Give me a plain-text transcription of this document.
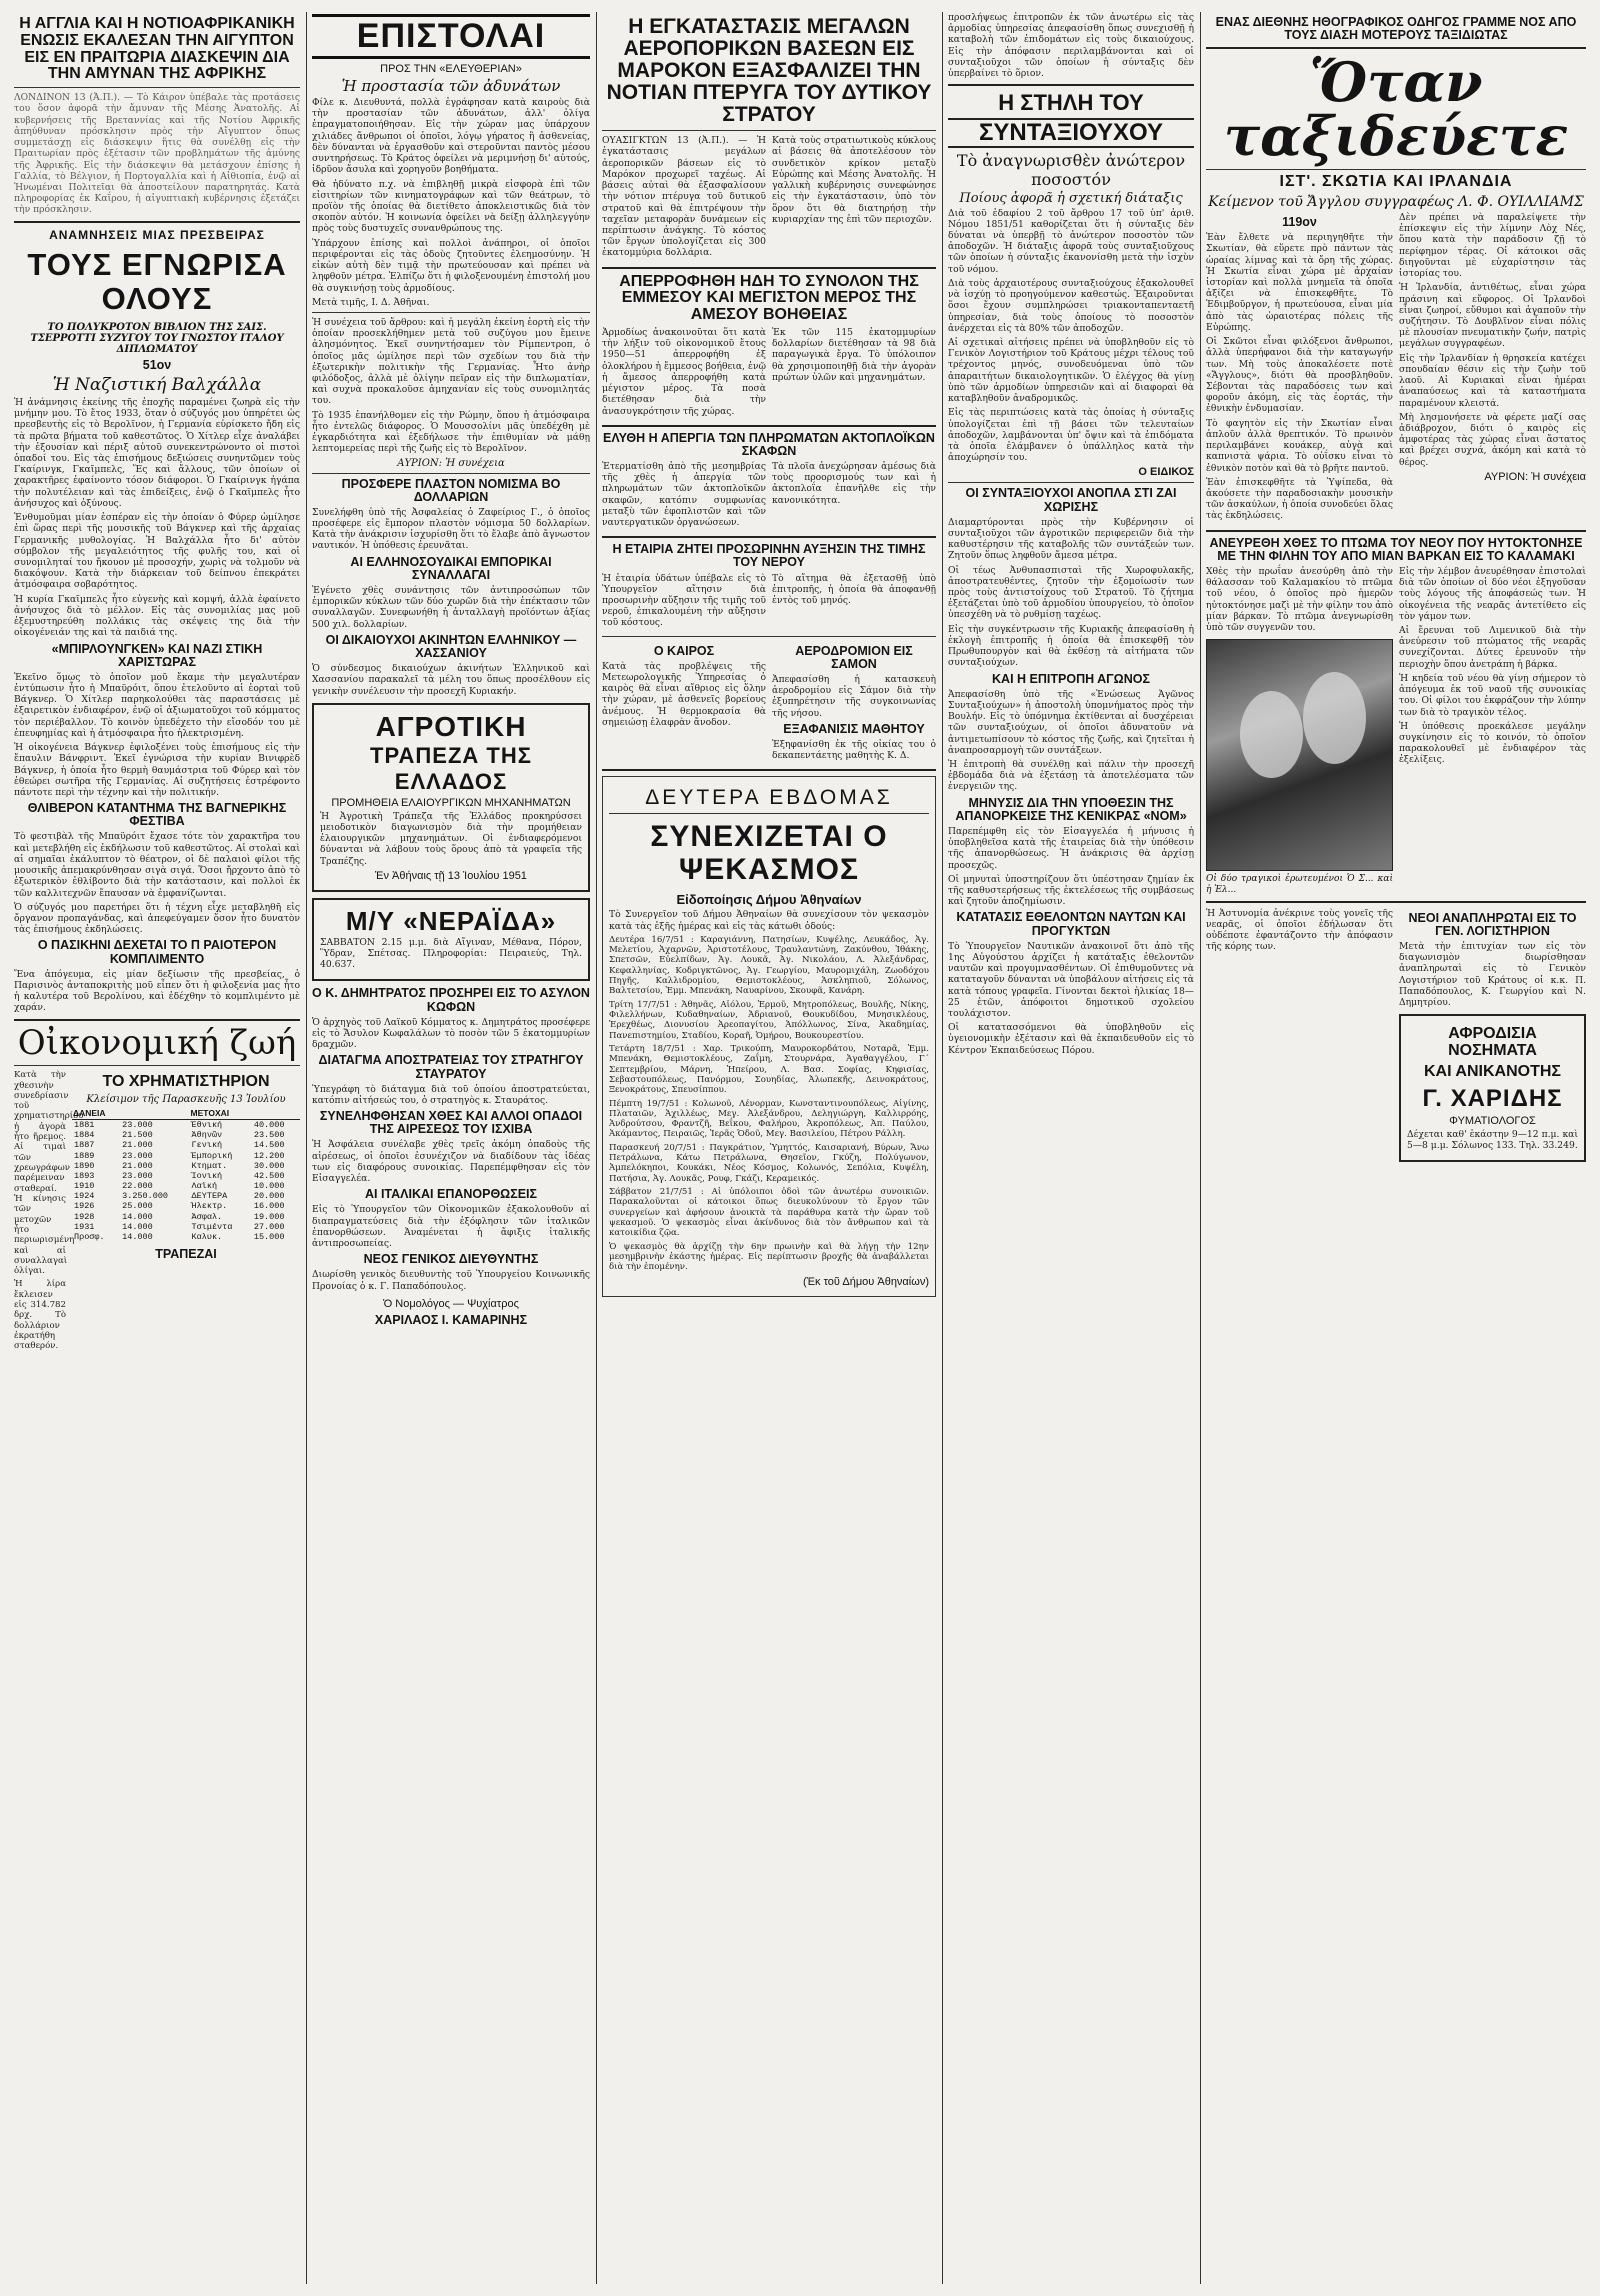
Η ΑΓΓΛΙΑ ΚΑΙ Η ΝΟΤΙΟΑΦΡΙΚΑΝΙΚΗ ΕΝΩΣΙΣ ΕΚΑΛΕΣΑΝ ΤΗΝ ΑΙΓΥΠΤΟΝ ΕΙΣ ΕΝ ΠΡΑΙΤΩΡΙΑ ΔΙΑΣΚΕΨΙΝ ΔΙΑ ΤΗΝ ΑΜΥΝΑΝ ΤΗΣ ΑΦΡΙΚΗΣ

ΛΟΝΔΙΝΟΝ 13 (Ἀ.Π.). — Τὸ Κάιρον ὑπέβαλε τὰς προτάσεις του ὅσον ἀφορᾶ τὴν ἄμυναν τῆς Μέσης Ἀνατολῆς. Αἱ κυβερνήσεις τῆς Βρεταννίας καὶ τῆς Νοτίου Ἀφρικῆς ἀπηύθυναν πρόσκλησιν πρὸς τὴν Αἴγυπτον ὅπως συμμετάσχῃ εἰς διάσκεψιν ἥτις θὰ συνέλθῃ εἰς τὴν Πραιτωρίαν πρὸς ἐξέτασιν τῶν προβλημάτων τῆς ἀμύνης τῆς Ἀφρικῆς. Εἰς τὴν διάσκεψιν θὰ μετάσχουν ἐπίσης ἡ Γαλλία, τὸ Βέλγιον, ἡ Πορτογαλλία καὶ ἡ Αἰθιοπία, ἐνῷ αἱ Ἡνωμέναι Πολιτεῖαι θὰ ἀποστείλουν παρατηρητάς. Κατὰ πληροφορίας ἐκ Καΐρου, ἡ αἰγυπτιακὴ κυβέρνησις ἐξετάζει τὴν πρόσκλησιν.

ΑΝΑΜΝΗΣΕΙΣ ΜΙΑΣ ΠΡΕΣΒΕΙΡΑΣ
ΤΟΥΣ ΕΓΝΩΡΙΣΑ ΟΛΟΥΣ
ΤΟ ΠΟΛΥΚΡΟΤΟΝ ΒΙΒΛΙΟΝ ΤΗΣ ΣΑΙΣ. ΤΣΕΡΡΟΤΤΙ ΣΥΖΥΓΟΥ ΤΟΥ ΓΝΩΣΤΟΥ ΙΤΑΛΟΥ ΔΙΠΛΩΜΑΤΟΥ
51ον
Ἡ Ναζιστική Βαλχάλλα

Ἡ ἀνάμνησις ἐκείνης τῆς ἐποχῆς παραμένει ζωηρὰ εἰς τὴν μνήμην μου. Τὸ ἔτος 1933, ὅταν ὁ σύζυγός μου ὑπηρέτει ὡς πρεσβευτὴς εἰς τὸ Βερολῖνον, ἡ Γερμανία εὑρίσκετο ἤδη εἰς τὰ πρῶτα βήματα τοῦ καθεστῶτος. Ὁ Χίτλερ εἶχε ἀναλάβει τὴν ἐξουσίαν καὶ πέριξ αὐτοῦ συνεκεντρώνοντο οἱ πιστοὶ ὀπαδοί του. Εἰς τὰς ἐπισήμους δεξιώσεις συνηντῶμεν τοὺς Γκαίρινγκ, Γκαῖμπελς, Ἕς καὶ ἄλλους, τῶν ὁποίων οἱ χαρακτῆρες ἐφαίνοντο τόσον διάφοροι. Ὁ Γκαίρινγκ ἠγάπα τὴν πολυτέλειαν καὶ τὰς ἐπιδείξεις, ἐνῷ ὁ Γκαῖμπελς ἦτο ἀνήσυχος καὶ ὀξύνους.

Ἐνθυμοῦμαι μίαν ἑσπέραν εἰς τὴν ὁποίαν ὁ Φύρερ ὡμίλησε ἐπὶ ὥρας περὶ τῆς μουσικῆς τοῦ Βάγκνερ καὶ τῆς ἀρχαίας Γερμανικῆς μυθολογίας. Ἡ Βαλχάλλα ἦτο δι' αὐτὸν σύμβολον τῆς μεγαλειότητος τῆς φυλῆς του, καὶ οἱ συνομιληταί του ἤκουον μὲ προσοχήν, χωρὶς νὰ τολμοῦν νὰ διακόψουν. Κατὰ τὴν διάρκειαν τοῦ δείπνου ἐπεκράτει ἀτμόσφαιρα σοβαρότητος.

Ἡ κυρία Γκαῖμπελς ἦτο εὐγενὴς καὶ κομψή, ἀλλὰ ἐφαίνετο ἀνήσυχος διὰ τὸ μέλλον. Εἰς τὰς συνομιλίας μας μοῦ ἐξεμυστηρεύθη πολλάκις τὰς σκέψεις της διὰ τὴν οἰκογένειάν της καὶ τὰ παιδιά της.

«ΜΠΙΡΛΟΥΝΓΚΕΝ» ΚΑΙ ΝΑΖΙ ΣΤΙΚΗ ΧΑΡΙΣΤΩΡΑΣ

Ἐκεῖνο ὅμως τὸ ὁποῖον μοῦ ἔκαμε τὴν μεγαλυτέραν ἐντύπωσιν ἦτο ἡ Μπαϋρόιτ, ὅπου ἐτελοῦντο αἱ ἑορταὶ τοῦ Βάγκνερ. Ὁ Χίτλερ παρηκολούθει τὰς παραστάσεις μὲ ἐξαιρετικὸν ἐνδιαφέρον, ἐνῷ οἱ ἀξιωματοῦχοι τοῦ κόμματος τὸν περιέβαλλον. Τὸ κοινὸν ὑπεδέχετο τὴν εἴσοδόν του μὲ ἐπευφημίας καὶ ἡ ἀτμόσφαιρα ἦτο ἠλεκτρισμένη.

Ἡ οἰκογένεια Βάγκνερ ἐφιλοξένει τοὺς ἐπισήμους εἰς τὴν ἔπαυλιν Βάνφριντ. Ἐκεῖ ἐγνώρισα τὴν κυρίαν Βινιφρὲδ Βάγκνερ, ἡ ὁποία ἦτο θερμὴ θαυμάστρια τοῦ Φύρερ καὶ τὸν ἐθεώρει σωτῆρα τῆς Γερμανίας. Αἱ συζητήσεις ἐστρέφοντο πάντοτε περὶ τὴν τέχνην καὶ τὴν πολιτικήν.

ΘΛΙΒΕΡΟΝ ΚΑΤΑΝΤΗΜΑ ΤΗΣ ΒΑΓΝΕΡΙΚΗΣ ΦΕΣΤΙΒΑ

Τὸ φεστιβὰλ τῆς Μπαϋρόιτ ἔχασε τότε τὸν χαρακτῆρα του καὶ μετεβλήθη εἰς ἐκδήλωσιν τοῦ καθεστῶτος. Αἱ στολαὶ καὶ αἱ σημαῖαι ἐκάλυπτον τὸ θέατρον, οἱ δὲ παλαιοὶ φίλοι τῆς μουσικῆς ἀπεμακρύνθησαν σιγὰ σιγά. Ὅσοι ἤρχοντο ἀπὸ τὸ ἐξωτερικὸν ἐθλίβοντο διὰ τὴν κατάστασιν, καὶ πολλοὶ ἐκ τῶν καλλιτεχνῶν ἔπαυσαν νὰ ἐμφανίζωνται.

Ὁ σύζυγός μου παρετήρει ὅτι ἡ τέχνη εἶχε μεταβληθῆ εἰς ὄργανον προπαγάνδας, καὶ ἀπεφεύγαμεν ὅσον ἦτο δυνατὸν τὰς ἐπισήμους ἐκδηλώσεις.

Ο ΠΑΣΙΚΗΝΙ ΔΕΧΕΤΑΙ ΤΟ Π ΡΑΙΟΤΕΡΟΝ ΚΟΜΠΛΙΜΕΝΤΟ

Ἔνα ἀπόγευμα, εἰς μίαν δεξίωσιν τῆς πρεσβείας, ὁ Παρισινὸς ἀνταποκριτὴς μοῦ εἶπεν ὅτι ἡ φιλοξενία μας ἦτο ἡ καλυτέρα τοῦ Βερολίνου, καὶ ἐδέχθην τὸ κομπλιμέντο μὲ χαράν.

Οἰκονομική ζωή

Κατὰ τὴν χθεσινὴν συνεδρίασιν τοῦ χρηματιστηρίου ἡ ἀγορὰ ἦτο ἤρεμος. Αἱ τιμαὶ τῶν χρεωγράφων παρέμειναν σταθεραί. Ἡ κίνησις τῶν μετοχῶν ἦτο περιωρισμένη καὶ αἱ συναλλαγαὶ ὀλίγαι.

Ἡ λίρα ἔκλεισεν εἰς 314.782 δρχ. Τὸ δολλάριον ἐκρατήθη σταθερόν.

ΤΟ ΧΡΗΜΑΤΙΣΤΗΡΙΟΝ
Κλείσιμον τῆς Παρασκευῆς 13 Ἰουλίου
ΔΑΝΕΙΑ		ΜΕΤΟΧΑΙ	
1881	23.000	Ἐθνική	40.000
1884	21.500	Ἀθηνῶν	23.500
1887	21.000	Γενική	14.500
1889	23.000	Ἐμπορική	12.200
1890	21.000	Κτηματ.	30.000
1893	23.000	Ἰονική	42.500
1910	22.000	Λαϊκή	10.000
1924	3.250.000	ΔΕΥΤΕΡΑ	20.000
1926	25.000	Ἠλεκτρ.	16.000
1928	14.000	Ἀσφαλ.	19.000
1931	14.000	Τσιμέντα	27.000
Προσφ.	14.000	Καλυκ.	15.000
ΤΡΑΠΕΖΑΙ
ΕΠΙΣΤΟΛΑΙ
ΠΡΟΣ ΤΗΝ «ΕΛΕΥΘΕΡΙΑΝ»
Ἡ προστασία τῶν ἀδυνάτων

Φίλε κ. Διευθυντά, πολλὰ ἐγράφησαν κατὰ καιροὺς διὰ τὴν προστασίαν τῶν ἀδυνάτων, ἀλλ' ὀλίγα ἐπραγματοποιήθησαν. Εἰς τὴν χώραν μας ὑπάρχουν χιλιάδες ἄνθρωποι οἱ ὁποῖοι, λόγῳ γήρατος ἢ ἀσθενείας, δὲν δύνανται νὰ ἐργασθοῦν καὶ στεροῦνται παντὸς μέσου συντηρήσεως. Τὸ Κράτος ὀφείλει νὰ μεριμνήσῃ δι' αὐτούς, ἱδρῦον ἄσυλα καὶ χορηγοῦν βοηθήματα.

Θὰ ἠδύνατο π.χ. νὰ ἐπιβληθῇ μικρὰ εἰσφορὰ ἐπὶ τῶν εἰσιτηρίων τῶν κινηματογράφων καὶ τῶν θεάτρων, τὸ προϊὸν τῆς ὁποίας θὰ διετίθετο ἀποκλειστικῶς διὰ τὸν σκοπὸν αὐτόν. Ἡ κοινωνία ὀφείλει νὰ δείξῃ ἀλληλεγγύην πρὸς τοὺς δυστυχεῖς συνανθρώπους της.

Ὑπάρχουν ἐπίσης καὶ πολλοὶ ἀνάπηροι, οἱ ὁποῖοι περιφέρονται εἰς τὰς ὁδοὺς ζητοῦντες ἐλεημοσύνην. Ἡ εἰκὼν αὐτὴ δὲν τιμᾷ τὴν πρωτεύουσαν καὶ πρέπει νὰ ληφθοῦν μέτρα. Ἐλπίζω ὅτι ἡ φιλοξενουμένη ἐπιστολή μου θὰ συγκινήσῃ τοὺς ἁρμοδίους.

Μετὰ τιμῆς, Ι. Δ. Ἀθῆναι.

Ἡ συνέχεια τοῦ ἄρθρου: καὶ ἡ μεγάλη ἐκείνη ἑορτὴ εἰς τὴν ὁποίαν προσεκλήθημεν μετὰ τοῦ συζύγου μου ἔμεινε ἀλησμόνητος. Ἐκεῖ συνηντήσαμεν τὸν Ρίμπεντροπ, ὁ ὁποῖος μᾶς ὡμίλησε περὶ τῶν σχεδίων του διὰ τὴν ἐξωτερικὴν πολιτικὴν τῆς Γερμανίας. Ἦτο ἀνὴρ φιλόδοξος, ἀλλὰ μὲ ὀλίγην πεῖραν εἰς τὴν διπλωματίαν, καὶ συχνὰ προκαλοῦσε ἀμηχανίαν εἰς τοὺς συνομιλητάς του.

Τὸ 1935 ἐπανήλθομεν εἰς τὴν Ρώμην, ὅπου ἡ ἀτμόσφαιρα ἦτο ἐντελῶς διάφορος. Ὁ Μουσσολίνι μᾶς ὑπεδέχθη μὲ ἐγκαρδιότητα καὶ ἐξεδήλωσε τὴν ἐπιθυμίαν νὰ μάθῃ λεπτομερείας περὶ τῆς ζωῆς εἰς τὸ Βερολῖνον.

ΑΥΡΙΟΝ: Ἡ συνέχεια
ΠΡΟΣΦΕΡΕ ΠΛΑΣΤΟΝ ΝΟΜΙΣΜΑ ΒΟ ΔΟΛΛΑΡΙΩΝ

Συνελήφθη ὑπὸ τῆς Ἀσφαλείας ὁ Ζαφείριος Γ., ὁ ὁποῖος προσέφερε εἰς ἔμπορον πλαστὸν νόμισμα 50 δολλαρίων. Κατὰ τὴν ἀνάκρισιν ἰσχυρίσθη ὅτι τὸ ἔλαβε ἀπὸ ἄγνωστον ναυτικόν. Ἡ ὑπόθεσις ἐρευνᾶται.

ΑΙ ΕΛΛΗΝΟΣΟΥΔΙΚΑΙ ΕΜΠΟΡΙΚΑΙ ΣΥΝΑΛΛΑΓΑΙ

Ἐγένετο χθὲς συνάντησις τῶν ἀντιπροσώπων τῶν ἐμπορικῶν κύκλων τῶν δύο χωρῶν διὰ τὴν ἐπέκτασιν τῶν συναλλαγῶν. Συνεφωνήθη ἡ ἀνταλλαγὴ προϊόντων ἀξίας 500 χιλ. δολλαρίων.

ΟΙ ΔΙΚΑΙΟΥΧΟΙ ΑΚΙΝΗΤΩΝ ΕΛΛΗΝΙΚΟΥ — ΧΑΣΣΑΝΙΟΥ

Ὁ σύνδεσμος δικαιούχων ἀκινήτων Ἑλληνικοῦ καὶ Χασσανίου παρακαλεῖ τὰ μέλη του ὅπως προσέλθουν εἰς γενικὴν συνέλευσιν τὴν προσεχῆ Κυριακήν.

ΑΓΡΟΤΙΚΗ
ΤΡΑΠΕΖΑ ΤΗΣ ΕΛΛΑΔΟΣ
ΠΡΟΜΗΘΕΙΑ ΕΛΑΙΟΥΡΓΙΚΩΝ ΜΗΧΑΝΗΜΑΤΩΝ

Ἡ Ἀγροτικὴ Τράπεζα τῆς Ἑλλάδος προκηρύσσει μειοδοτικὸν διαγωνισμὸν διὰ τὴν προμήθειαν ἐλαιουργικῶν μηχανημάτων. Οἱ ἐνδιαφερόμενοι δύνανται νὰ λάβουν τοὺς ὅρους ἀπὸ τὰ γραφεῖα τῆς Τραπέζης.

Ἐν Ἀθήναις τῇ 13 Ἰουλίου 1951
Μ/Υ «ΝΕΡΑΪΔΑ»

ΣΑΒΒΑΤΟΝ 2.15 μ.μ. διὰ Αἴγιναν, Μέθανα, Πόρον, Ὕδραν, Σπέτσας. Πληροφορίαι: Πειραιεύς, Τηλ. 40.637.

Ο Κ. ΔΗΜΗΤΡΑΤΟΣ ΠΡΟΣΗΡΕΙ ΕΙΣ ΤΟ ΑΣΥΛΟΝ ΚΩΦΩΝ

Ὁ ἀρχηγὸς τοῦ Λαϊκοῦ Κόμματος κ. Δημητράτος προσέφερε εἰς τὸ Ἄσυλον Κωφαλάλων τὸ ποσὸν τῶν 5 ἑκατομμυρίων δραχμῶν.

ΔΙΑΤΑΓΜΑ ΑΠΟΣΤΡΑΤΕΙΑΣ ΤΟΥ ΣΤΡΑΤΗΓΟΥ ΣΤΑΥΡΑΤΟΥ

Ὑπεγράφη τὸ διάταγμα διὰ τοῦ ὁποίου ἀποστρατεύεται, κατόπιν αἰτήσεώς του, ὁ στρατηγὸς κ. Σταυράτος.

ΣΥΝΕΛΗΦΘΗΣΑΝ ΧΘΕΣ ΚΑΙ ΑΛΛΟΙ ΟΠΑΔΟΙ ΤΗΣ ΑΙΡΕΣΕΩΣ ΤΟΥ ΙΣΧΙΒΑ

Ἡ Ἀσφάλεια συνέλαβε χθὲς τρεῖς ἀκόμη ὀπαδοὺς τῆς αἱρέσεως, οἱ ὁποῖοι ἐσυνέχιζον νὰ διαδίδουν τὰς ἰδέας των εἰς διαφόρους συνοικίας. Παρεπέμφθησαν εἰς τὸν Εἰσαγγελέα.

ΑΙ ΙΤΑΛΙΚΑΙ ΕΠΑΝΟΡΘΩΣΕΙΣ

Εἰς τὸ Ὑπουργεῖον τῶν Οἰκονομικῶν ἐξακολουθοῦν αἱ διαπραγματεύσεις διὰ τὴν ἐξόφλησιν τῶν ἰταλικῶν ἐπανορθώσεων. Ἀναμένεται ἡ ἄφιξις ἰταλικῆς ἀντιπροσωπείας.

ΝΕΟΣ ΓΕΝΙΚΟΣ ΔΙΕΥΘΥΝΤΗΣ

Διωρίσθη γενικὸς διευθυντὴς τοῦ Ὑπουργείου Κοινωνικῆς Προνοίας ὁ κ. Γ. Παπαδόπουλος.

Ὁ Νομολόγος — Ψυχίατρος
ΧΑΡΙΛΑΟΣ Ι. ΚΑΜΑΡΙΝΗΣ
Η ΕΓΚΑΤΑΣΤΑΣΙΣ ΜΕΓΑΛΩΝ ΑΕΡΟΠΟΡΙΚΩΝ ΒΑΣΕΩΝ ΕΙΣ ΜΑΡΟΚΟΝ ΕΞΑΣΦΑΛΙΖΕΙ ΤΗΝ ΝΟΤΙΑΝ ΠΤΕΡΥΓΑ ΤΟΥ ΔΥΤΙΚΟΥ ΣΤΡΑΤΟΥ

ΟΥΑΣΙΓΚΤΩΝ 13 (Ἀ.Π.). — Ἡ ἐγκατάστασις μεγάλων ἀεροπορικῶν βάσεων εἰς τὸ Μαρόκον προχωρεῖ ταχέως. Αἱ βάσεις αὐταὶ θὰ ἐξασφαλίσουν τὴν νότιον πτέρυγα τοῦ δυτικοῦ στρατοῦ καὶ θὰ ἐπιτρέψουν τὴν ταχεῖαν μεταφορὰν δυνάμεων εἰς περίπτωσιν ἀνάγκης. Τὸ κόστος τῶν ἔργων ὑπολογίζεται εἰς 300 ἑκατομμύρια δολλάρια.

Κατὰ τοὺς στρατιωτικοὺς κύκλους αἱ βάσεις θὰ ἀποτελέσουν τὸν συνδετικὸν κρίκον μεταξὺ Εὐρώπης καὶ Μέσης Ἀνατολῆς. Ἡ γαλλικὴ κυβέρνησις συνεφώνησε εἰς τὴν ἐγκατάστασιν, ὑπὸ τὸν ὅρον ὅτι θὰ διατηρήσῃ τὴν κυριαρχίαν της ἐπὶ τῶν περιοχῶν.

ΑΠΕΡΡΟΦΗΘΗ ΗΔΗ ΤΟ ΣΥΝΟΛΟΝ ΤΗΣ ΕΜΜΕΣΟΥ ΚΑΙ ΜΕΓΙΣΤΟΝ ΜΕΡΟΣ ΤΗΣ ΑΜΕΣΟΥ ΒΟΗΘΕΙΑΣ

Ἀρμοδίως ἀνακοινοῦται ὅτι κατὰ τὴν λήξιν τοῦ οἰκονομικοῦ ἔτους 1950—51 ἀπερροφήθη ἐξ ὁλοκλήρου ἡ ἔμμεσος βοήθεια, ἐνῷ ἡ ἄμεσος ἀπερροφήθη κατὰ μέγιστον μέρος. Τὰ ποσὰ διετέθησαν διὰ τὴν ἀνασυγκρότησιν τῆς χώρας.

Ἐκ τῶν 115 ἑκατομμυρίων δολλαρίων διετέθησαν τὰ 98 διὰ παραγωγικὰ ἔργα. Τὸ ὑπόλοιπον θὰ χρησιμοποιηθῇ διὰ τὴν ἀγορὰν πρώτων ὑλῶν καὶ μηχανημάτων.

ΕΛΥΘΗ Η ΑΠΕΡΓΙΑ ΤΩΝ ΠΛΗΡΩΜΑΤΩΝ ΑΚΤΟΠΛΟΪΚΩΝ ΣΚΑΦΩΝ

Ἐτερματίσθη ἀπὸ τῆς μεσημβρίας τῆς χθὲς ἡ ἀπεργία τῶν πληρωμάτων τῶν ἀκτοπλοϊκῶν σκαφῶν, κατόπιν συμφωνίας μεταξὺ τῶν ἐφοπλιστῶν καὶ τῶν ναυτεργατικῶν ὀργανώσεων.

Τὰ πλοῖα ἀνεχώρησαν ἀμέσως διὰ τοὺς προορισμούς των καὶ ἡ ἀκτοπλοΐα ἐπανῆλθε εἰς τὴν κανονικότητα.

Η ΕΤΑΙΡΙΑ ΖΗΤΕΙ ΠΡΟΣΩΡΙΝΗΝ ΑΥΞΗΣΙΝ ΤΗΣ ΤΙΜΗΣ ΤΟΥ ΝΕΡΟΥ

Ἡ ἑταιρία ὑδάτων ὑπέβαλε εἰς τὸ Ὑπουργεῖον αἴτησιν διὰ προσωρινὴν αὔξησιν τῆς τιμῆς τοῦ νεροῦ, ἐπικαλουμένη τὴν αὔξησιν τοῦ κόστους.

Τὸ αἴτημα θὰ ἐξετασθῇ ὑπὸ ἐπιτροπῆς, ἡ ὁποία θὰ ἀποφανθῇ ἐντὸς τοῦ μηνός.

Ο ΚΑΙΡΟΣ

Κατὰ τὰς προβλέψεις τῆς Μετεωρολογικῆς Ὑπηρεσίας ὁ καιρὸς θὰ εἶναι αἴθριος εἰς ὅλην τὴν χώραν, μὲ ἀσθενεῖς βορείους ἀνέμους. Ἡ θερμοκρασία θὰ σημειώσῃ ἐλαφρὰν ἄνοδον.

ΑΕΡΟΔΡΟΜΙΟΝ ΕΙΣ ΣΑΜΟΝ

Ἀπεφασίσθη ἡ κατασκευὴ ἀεροδρομίου εἰς Σάμον διὰ τὴν ἐξυπηρέτησιν τῆς συγκοινωνίας τῆς νήσου.

ΕΞΑΦΑΝΙΣΙΣ ΜΑΘΗΤΟΥ

Ἐξηφανίσθη ἐκ τῆς οἰκίας του ὁ δεκαπεντάετης μαθητὴς Κ. Δ.

ΔΕΥΤΕΡΑ ΕΒΔΟΜΑΣ
ΣΥΝΕΧΙΖΕΤΑΙ Ο ΨΕΚΑΣΜΟΣ
Εἰδοποίησις Δήμου Ἀθηναίων

Τὸ Συνεργεῖον τοῦ Δήμου Ἀθηναίων θὰ συνεχίσουν τὸν ψεκασμὸν κατὰ τὰς ἑξῆς ἡμέρας καὶ εἰς τὰς κάτωθι ὁδούς:

Δευτέρα 16/7/51 : Καραγιάννη, Πατησίων, Κυψέλης, Λευκάδος, Ἀγ. Μελετίου, Ἀχαρνῶν, Ἀριστοτέλους, Τραυλαντώνη, Ζακύνθου, Ἰθάκης, Σπετσῶν, Εὐελπίδων, Ἀγ. Λουκᾶ, Ἀγ. Νικολάου, Λ. Ἀλεξάνδρας, Κεφαλληνίας, Κοδριγκτῶνος, Ἀγ. Γεωργίου, Μαυρομιχάλη, Ζωοδόχου Πηγῆς, Καλλιδρομίου, Θεμιστοκλέους, Ἀσκληπιοῦ, Σόλωνος, Βαλτετσίου, Ἐμμ. Μπενάκη, Ναυαρίνου, Σκουφᾶ, Κανάρη.

Τρίτη 17/7/51 : Ἀθηνᾶς, Αἰόλου, Ἑρμοῦ, Μητροπόλεως, Βουλῆς, Νίκης, Φιλελλήνων, Κυδαθηναίων, Ἀδριανοῦ, Θουκυδίδου, Μνησικλέους, Ἐρεχθέως, Διονυσίου Ἀρεοπαγίτου, Ἀπόλλωνος, Σίνα, Ἀκαδημίας, Πανεπιστημίου, Σταδίου, Κοραῆ, Ὁμήρου, Βουκουρεστίου.

Τετάρτη 18/7/51 : Χαρ. Τρικούπη, Μαυροκορδάτου, Νοταρᾶ, Ἐμμ. Μπενάκη, Θεμιστοκλέους, Ζαΐμη, Στουρνάρα, Ἀγαθαγγέλου, Γ΄ Σεπτεμβρίου, Μάρνη, Ἠπείρου, Λ. Βασ. Σοφίας, Κηφισίας, Σεβαστουπόλεως, Πανόρμου, Σουηδίας, Ἀλωπεκῆς, Δεινοκράτους, Ξενοκράτους, Σπευσίππου.

Πέμπτη 19/7/51 : Κολωνοῦ, Λένορμαν, Κωνσταντινουπόλεως, Αἰγίνης, Πλαταιῶν, Ἀχιλλέως, Μεγ. Ἀλεξάνδρου, Δεληγιώργη, Καλλιρρόης, Ἀνδρούτσου, Φραντζῆ, Βεΐκου, Φαλήρου, Ἀκροπόλεως, Ἀπ. Παύλου, Ἀκάμαντος, Πειραιῶς, Ἰερᾶς Ὁδοῦ, Μεγ. Βασιλείου, Πέτρου Ράλλη.

Παρασκευή 20/7/51 : Παγκράτιον, Ὑμηττός, Καισαριανή, Βύρων, Ἄνω Πετράλωνα, Κάτω Πετράλωνα, Θησεῖον, Γκύζη, Πολύγωνον, Ἀμπελόκηποι, Κουκάκι, Νέος Κόσμος, Κολωνός, Σεπόλια, Κυψέλη, Πατήσια, Ἀγ. Λουκᾶς, Ρουφ, Γκάζι, Κεραμεικός.

Σάββατον 21/7/51 : Αἱ ὑπόλοιποι ὁδοὶ τῶν ἀνωτέρω συνοικιῶν. Παρακαλοῦνται οἱ κάτοικοι ὅπως διευκολύνουν τὸ ἔργον τῶν συνεργείων καὶ ἀφήσουν ἀνοικτὰ τὰ παράθυρα κατὰ τὴν ὥραν τοῦ ψεκασμοῦ. Ὁ ψεκασμὸς εἶναι ἀκίνδυνος διὰ τὸν ἄνθρωπον καὶ τὰ κατοικίδια ζῷα.

Ὁ ψεκασμὸς θὰ ἀρχίζῃ τὴν 6ην πρωινὴν καὶ θὰ λήγῃ τὴν 12ην μεσημβρινὴν ἑκάστης ἡμέρας. Εἰς περίπτωσιν βροχῆς θὰ ἀναβάλλεται διὰ τὴν ἑπομένην.

(Ἐκ τοῦ Δήμου Ἀθηναίων)

προσλήψεως ἐπιτροπῶν ἐκ τῶν ἀνωτέρω εἰς τὰς ἀρμοδίας ὑπηρεσίας ἀπεφασίσθη ὅπως συνεχισθῇ ἡ καταβολὴ τῶν ἐπιδομάτων εἰς τοὺς δικαιούχους. Εἰς τὴν ἀπόφασιν περιλαμβάνονται καὶ οἱ συνταξιοῦχοι τῶν ὁποίων ἡ σύνταξις δὲν ὑπερβαίνει τὸ ὅριον.

Η ΣΤΗΛΗ ΤΟΥ
ΣΥΝΤΑΞΙΟΥΧΟΥ
Τὸ ἀναγνωρισθὲν ἀνώτερον ποσοστόν
Ποίους ἀφορᾶ ἡ σχετική διάταξις

Διὰ τοῦ ἐδαφίου 2 τοῦ ἄρθρου 17 τοῦ ὑπ' ἀριθ. Νόμου 1851/51 καθορίζεται ὅτι ἡ σύνταξις δὲν δύναται νὰ ὑπερβῇ τὸ ἀνώτερον ποσοστὸν τῶν ἀποδοχῶν. Ἡ διάταξις ἀφορᾶ τοὺς συνταξιοῦχους τῶν ὁποίων ἡ σύνταξις ἐκανονίσθη μετὰ τὴν ἰσχὺν τοῦ νόμου.

Διὰ τοὺς ἀρχαιοτέρους συνταξιούχους ἐξακολουθεῖ νὰ ἰσχύῃ τὸ προηγούμενον καθεστώς. Ἐξαιροῦνται ὅσοι ἔχουν συμπληρώσει τριακονταπενταετῆ ὑπηρεσίαν, διὰ τοὺς ὁποίους τὸ ποσοστὸν ἀνέρχεται εἰς τὰ 80% τῶν ἀποδοχῶν.

Αἱ σχετικαὶ αἰτήσεις πρέπει νὰ ὑποβληθοῦν εἰς τὸ Γενικὸν Λογιστήριον τοῦ Κράτους μέχρι τέλους τοῦ τρέχοντος μηνός, συνοδευόμεναι ὑπὸ τῶν ἀπαραιτήτων δικαιολογητικῶν. Ὁ ἐλέγχος θὰ γίνῃ ὑπὸ τῶν ἁρμοδίων ὑπηρεσιῶν καὶ αἱ διαφοραὶ θὰ καταβληθοῦν ἀναδρομικῶς.

Εἰς τὰς περιπτώσεις κατὰ τὰς ὁποίας ἡ σύνταξις ὑπολογίζεται ἐπὶ τῇ βάσει τῶν τελευταίων ἀποδοχῶν, λαμβάνονται ὑπ' ὄψιν καὶ τὰ ἐπιδόματα τὰ ὁποῖα ἐλάμβανεν ὁ ὑπάλληλος κατὰ τὴν ἀποχώρησίν του.

Ο ΕΙΔΙΚΟΣ
ΟΙ ΣΥΝΤΑΞΙΟΥΧΟΙ ΑΝΟΠΛΑ ΣΤΙ ΖΑΙ ΧΩΡΙΣΗΣ

Διαμαρτύρονται πρὸς τὴν Κυβέρνησιν οἱ συνταξιοῦχοι τῶν ἀγροτικῶν περιφερειῶν διὰ τὴν καθυστέρησιν τῆς καταβολῆς τῶν συντάξεών των. Ζητοῦν ὅπως ληφθοῦν ἄμεσα μέτρα.

Οἱ τέως Ἀνθυπασπισταὶ τῆς Χωροφυλακῆς, ἀποστρατευθέντες, ζητοῦν τὴν ἐξομοίωσίν των πρὸς τοὺς ἀντιστοίχους τοῦ Στρατοῦ. Τὸ ζήτημα ἐξετάζεται ὑπὸ τοῦ ἁρμοδίου ὑπουργείου, τὸ ὁποῖον ὑπεσχέθη νὰ τὸ ρυθμίσῃ ταχέως.

Εἰς τὴν συγκέντρωσιν τῆς Κυριακῆς ἀπεφασίσθη ἡ ἐκλογὴ ἐπιτροπῆς ἡ ὁποία θὰ ἐπισκεφθῇ τὸν Πρωθυπουργὸν καὶ θὰ ἐκθέσῃ τὰ αἰτήματα τῶν συνταξιούχων.

ΚΑΙ Η ΕΠΙΤΡΟΠΗ ΑΓΩΝΟΣ

Ἀπεφασίσθη ὑπὸ τῆς «Ἑνώσεως Ἀγῶνος Συνταξιούχων» ἡ ἀποστολὴ ὑπομνήματος πρὸς τὴν Βουλήν. Εἰς τὸ ὑπόμνημα ἐκτίθενται αἱ δυσχέρειαι τῶν συνταξιούχων, οἱ ὁποῖοι ἀδυνατοῦν νὰ ἀντιμετωπίσουν τὸ κόστος τῆς ζωῆς, καὶ ζητεῖται ἡ ἀναπροσαρμογὴ τῶν συντάξεων.

Ἡ ἐπιτροπὴ θὰ συνέλθῃ καὶ πάλιν τὴν προσεχῆ ἑβδομάδα διὰ νὰ ἐξετάσῃ τὰ ἀποτελέσματα τῶν ἐνεργειῶν της.

ΜΗΝΥΣΙΣ ΔΙΑ ΤΗΝ ΥΠΟΘΕΣΙΝ ΤΗΣ ΑΠΑΝΟΡΚΕΙΣΕ ΤΗΣ ΚΕΝΙΚΡΑΣ «ΝΟΜ»

Παρεπέμφθη εἰς τὸν Εἰσαγγελέα ἡ μήνυσις ἡ ὑποβληθεῖσα κατὰ τῆς ἑταιρείας διὰ τὴν ὑπόθεσιν τῆς ἀπανορθώσεως. Ἡ ἀνάκρισις θὰ ἀρχίσῃ προσεχῶς.

Οἱ μηνυταὶ ὑποστηρίζουν ὅτι ὑπέστησαν ζημίαν ἐκ τῆς καθυστερήσεως τῆς ἐκτελέσεως τῆς συμβάσεως καὶ ζητοῦν ἀποζημίωσιν.

ΚΑΤΑΤΑΣΙΣ ΕΘΕΛΟΝΤΩΝ ΝΑΥΤΩΝ ΚΑΙ ΠΡΟΓΥΚΤΩΝ

Τὸ Ὑπουργεῖον Ναυτικῶν ἀνακοινοῖ ὅτι ἀπὸ τῆς 1ης Αὐγούστου ἀρχίζει ἡ κατάταξις ἐθελοντῶν ναυτῶν καὶ προγυμνασθέντων. Οἱ ἐπιθυμοῦντες νὰ καταταγοῦν δύνανται νὰ ὑποβάλουν αἰτήσεις εἰς τὰ κατὰ τόπους γραφεῖα. Γίνονται δεκτοὶ ἡλικίας 18—25 ἐτῶν, ἀπόφοιτοι δημοτικοῦ σχολείου τουλάχιστον.

Οἱ κατατασσόμενοι θὰ ὑποβληθοῦν εἰς ὑγειονομικὴν ἐξέτασιν καὶ θὰ ἐκπαιδευθοῦν εἰς τὸ Κέντρον Ἐκπαιδεύσεως Πόρου.

ΕΝΑΣ ΔΙΕΘΝΗΣ ΗΘΟΓΡΑΦΙΚΟΣ ΟΔΗΓΟΣ ΓΡΑΜΜΕ ΝΟΣ ΑΠΟ ΤΟΥΣ ΔΙΑΣΗ ΜΟΤΕΡΟΥΣ ΤΑΞΙΔΙΩΤΑΣ
Ὅταν ταξιδεύετε
ΙΣΤ'. ΣΚΩΤΙΑ ΚΑΙ ΙΡΛΑΝΔΙΑ
Κείμενον τοῦ Ἄγγλου συγγραφέως Λ. Φ. ΟΥΙΛΛΙΑΜΣ
119ον

Ἐὰν ἔλθετε νὰ περιηγηθῆτε τὴν Σκωτίαν, θὰ εὕρετε πρὸ πάντων τὰς ὡραίας λίμνας καὶ τὰ ὄρη τῆς χώρας. Ἡ Σκωτία εἶναι χώρα μὲ ἀρχαίαν ἱστορίαν καὶ πολλὰ μνημεῖα τὰ ὁποῖα ἀξίζει νὰ ἐπισκεφθῆτε. Τὸ Ἐδιμβοῦργον, ἡ πρωτεύουσα, εἶναι μία ἀπὸ τὰς ὡραιοτέρας πόλεις τῆς Εὐρώπης.

Οἱ Σκῶτοι εἶναι φιλόξενοι ἄνθρωποι, ἀλλὰ ὑπερήφανοι διὰ τὴν καταγωγήν των. Μὴ τοὺς ἀποκαλέσετε ποτὲ «Ἄγγλους», διότι θὰ προσβληθοῦν. Σέβονται τὰς παραδόσεις των καὶ φοροῦν ἀκόμη, εἰς τὰς ἑορτάς, τὴν ἐθνικὴν ἐνδυμασίαν.

Τὸ φαγητὸν εἰς τὴν Σκωτίαν εἶναι ἁπλοῦν ἀλλὰ θρεπτικόν. Τὸ πρωινὸν περιλαμβάνει κουάκερ, αὐγὰ καὶ καπνιστὰ ψάρια. Τὸ οὐΐσκυ εἶναι τὸ ἐθνικὸν ποτὸν καὶ θὰ τὸ βρῆτε παντοῦ.

Ἐὰν ἐπισκεφθῆτε τὰ Ὑψίπεδα, θὰ ἀκούσετε τὴν παραδοσιακὴν μουσικὴν τῶν ἀσκαύλων, ἡ ὁποία συνοδεύει ὅλας τὰς ἐκδηλώσεις.

Δὲν πρέπει νὰ παραλείψετε τὴν ἐπίσκεψιν εἰς τὴν λίμνην Λὸχ Νές, ὅπου κατὰ τὴν παράδοσιν ζῇ τὸ περίφημον τέρας. Οἱ κάτοικοι σᾶς διηγοῦνται μὲ εὐχαρίστησιν τὰς ἱστορίας του.

Ἡ Ἰρλανδία, ἀντιθέτως, εἶναι χώρα πράσινη καὶ εὔφορος. Οἱ Ἰρλανδοὶ εἶναι ζωηροί, εὔθυμοι καὶ ἀγαποῦν τὴν συζήτησιν. Τὸ Δουβλῖνον εἶναι πόλις μὲ πλουσίαν πνευματικὴν ζωήν, πατρὶς μεγάλων συγγραφέων.

Εἰς τὴν Ἰρλανδίαν ἡ θρησκεία κατέχει σπουδαίαν θέσιν εἰς τὴν ζωὴν τοῦ λαοῦ. Αἱ Κυριακαὶ εἶναι ἡμέραι ἀναπαύσεως καὶ τὰ καταστήματα παραμένουν κλειστά.

Μὴ λησμονήσετε νὰ φέρετε μαζί σας ἀδιάβροχον, διότι ὁ καιρὸς εἰς ἀμφοτέρας τὰς χώρας εἶναι ἄστατος καὶ βρέχει συχνά, ἀκόμη καὶ κατὰ τὸ θέρος.

ΑΥΡΙΟΝ: Ἡ συνέχεια
ΑΝΕΥΡΕΘΗ ΧΘΕΣ ΤΟ ΠΤΩΜΑ ΤΟΥ ΝΕΟΥ ΠΟΥ ΗΥΤΟΚΤΟΝΗΣΕ ΜΕ ΤΗΝ ΦΙΛΗΝ ΤΟΥ ΑΠΟ ΜΙΑΝ ΒΑΡΚΑΝ ΕΙΣ ΤΟ ΚΑΛΑΜΑΚΙ

Χθὲς τὴν πρωΐαν ἀνεσύρθη ἀπὸ τὴν θάλασσαν τοῦ Καλαμακίου τὸ πτῶμα τοῦ νέου, ὁ ὁποῖος πρὸ ἡμερῶν ηὐτοκτόνησε μαζὶ μὲ τὴν φίλην του ἀπὸ μίαν βάρκαν. Τὸ πτῶμα ἀνεγνωρίσθη ὑπὸ τῶν συγγενῶν του.

Οἱ δύο τραγικοὶ ἐρωτευμένοι Ὁ Σ... καὶ ἡ Ἐλ...

Εἰς τὴν λέμβον ἀνευρέθησαν ἐπιστολαὶ διὰ τῶν ὁποίων οἱ δύο νέοι ἐξηγοῦσαν τοὺς λόγους τῆς ἀποφάσεώς των. Ἡ οἰκογένεια τῆς νεαρᾶς ἀντετίθετο εἰς τὸν γάμον των.

Αἱ ἔρευναι τοῦ Λιμενικοῦ διὰ τὴν ἀνεύρεσιν τοῦ πτώματος τῆς νεαρᾶς συνεχίζονται. Δύτες ἐρευνοῦν τὴν περιοχὴν ὅπου ἀνετράπη ἡ βάρκα.

Ἡ κηδεία τοῦ νέου θὰ γίνῃ σήμερον τὸ ἀπόγευμα ἐκ τοῦ ναοῦ τῆς συνοικίας του. Οἱ φίλοι του ἐκφράζουν τὴν λύπην των διὰ τὸ τραγικὸν τέλος.

Ἡ ὑπόθεσις προεκάλεσε μεγάλην συγκίνησιν εἰς τὸ κοινόν, τὸ ὁποῖον παρακολουθεῖ μὲ ἐνδιαφέρον τὰς ἐξελίξεις.

Ἡ Ἀστυνομία ἀνέκρινε τοὺς γονεῖς τῆς νεαρᾶς, οἱ ὁποῖοι ἐδήλωσαν ὅτι οὐδέποτε ἐφαντάζοντο τὴν ἀπόφασιν τῆς κόρης των.

ΝΕΟΙ ΑΝΑΠΛΗΡΩΤΑΙ ΕΙΣ ΤΟ ΓΕΝ. ΛΟΓΙΣΤΗΡΙΟΝ

Μετὰ τὴν ἐπιτυχίαν των εἰς τὸν διαγωνισμὸν διωρίσθησαν ἀναπληρωταὶ εἰς τὸ Γενικὸν Λογιστήριον τοῦ Κράτους οἱ κ.κ. Π. Παπαδόπουλος, Κ. Γεωργίου καὶ Ν. Δημητρίου.

ΑΦΡΟΔΙΣΙΑ ΝΟΣΗΜΑΤΑ
ΚΑΙ ΑΝΙΚΑΝΟΤΗΣ
Γ. ΧΑΡΙΔΗΣ
ΦΥΜΑΤΙΟΛΟΓΟΣ

Δέχεται καθ' ἑκάστην 9—12 π.μ. καὶ 5—8 μ.μ. Σόλωνος 133. Τηλ. 33.249.
